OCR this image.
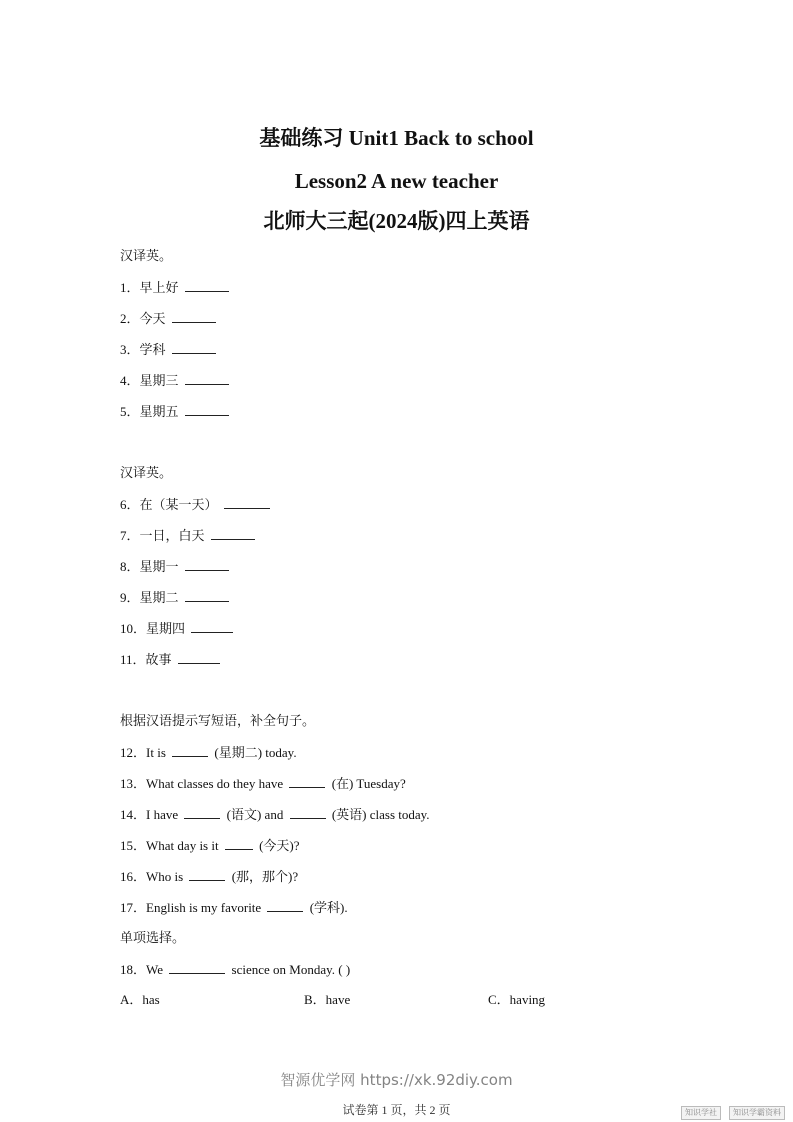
基础练习 Unit1 Back to school
Lesson2 A new teacher
北师大三起(2024版)四上英语
汉译英。
1．早上好
2．今天
3．学科
4．星期三
5．星期五
汉译英。
6．在（某一天）
7．一日，白天
8．星期一
9．星期二
10．星期四
11．故事
根据汉语提示写短语，补全句子。
12．It is	(星期二) today.
13．What classes do they have	(在) Tuesday?
14．I have	(语文) and	(英语) class today.
15．What day is it	(今天)?
16．Who is	(那，那个)?
17．English is my favorite	(学科).
单项选择。
18．We	science on Monday. ( )
A．has	B．have	C．having
试卷第 1 页，共 2 页
智源优学网 https://xk.92diy.com
知识学社	知识学霸资料
